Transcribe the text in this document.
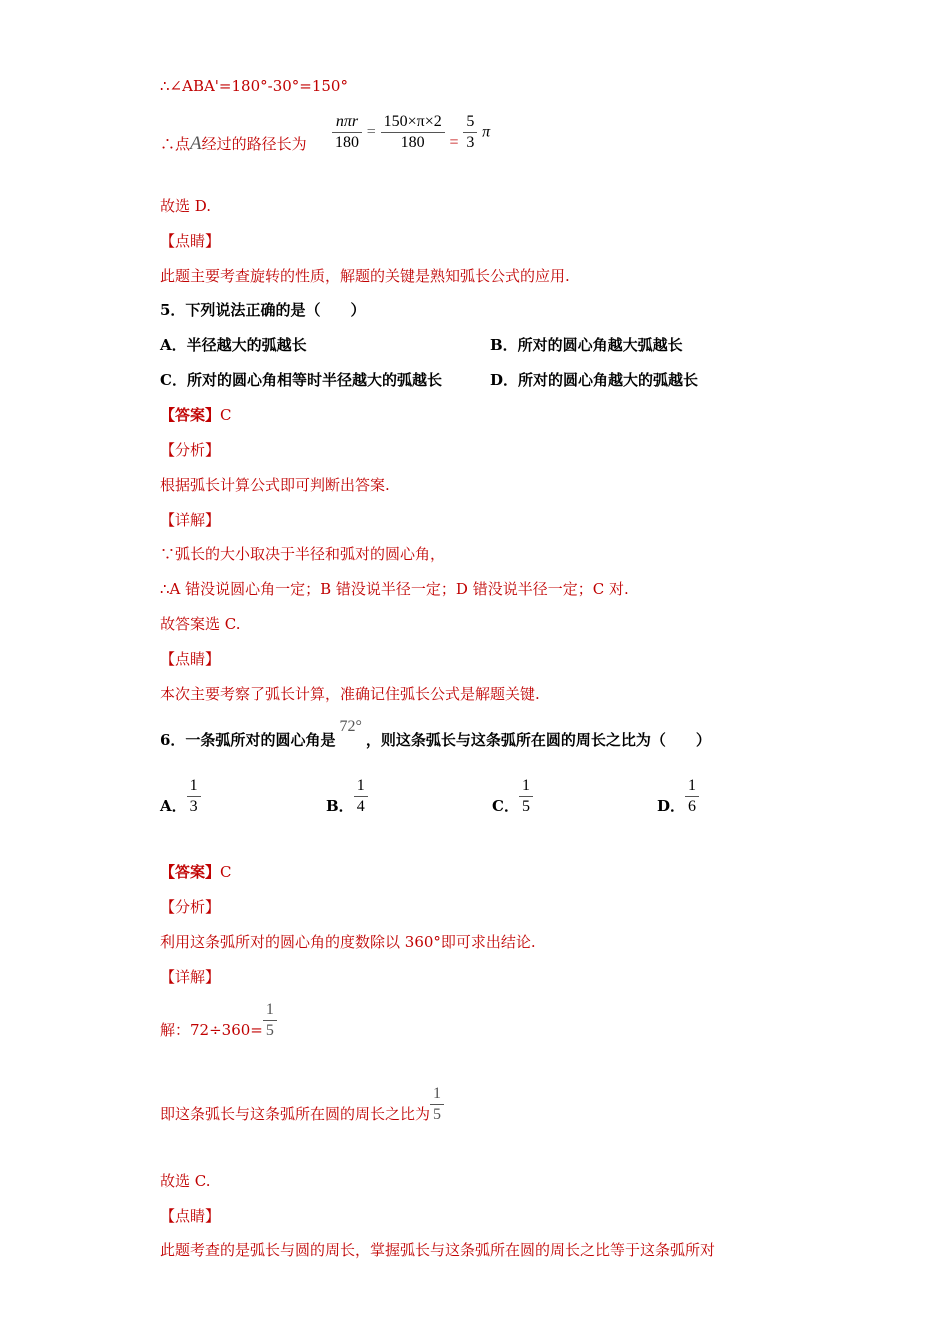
∴∠ABA'=180°-30°=150°
∴点A经过的路径长为 $\frac{\text{nπr}}{180} = \frac{150\times\pi\times 2}{180} = \frac{5}{3}$ π
故选 D.
【点睛】
此题主要考查旋转的性质，解题的关键是熟知弧长公式的应用.
5．下列说法正确的是（　　）
A．半径越大的弧越长	B．所对的圆心角越大弧越长
C．所对的圆心角相等时半径越大的弧越长	D．所对的圆心角越大的弧越长
【答案】C
【分析】
根据弧长计算公式即可判断出答案.
【详解】
∵弧长的大小取决于半径和弧对的圆心角，
∴A 错没说圆心角一定；B 错没说半径一定；D 错没说半径一定；C 对.
故答案选 C.
【点睛】
本次主要考察了弧长计算，准确记住弧长公式是解题关键.
6．一条弧所对的圆心角是72°，则这条弧长与这条弧所在圆的周长之比为（　　）
A． $\frac{1}{3}$	B． $\frac{1}{4}$	C． $\frac{1}{5}$	D． $\frac{1}{6}$
【答案】C
【分析】
利用这条弧所对的圆心角的度数除以 360°即可求出结论.
【详解】
解：$72\div 360= \frac{1}{5}$
即这条弧长与这条弧所在圆的周长之比为 $\frac{1}{5}$
故选 C.
【点睛】
此题考查的是弧长与圆的周长，掌握弧长与这条弧所在圆的周长之比等于这条弧所对
